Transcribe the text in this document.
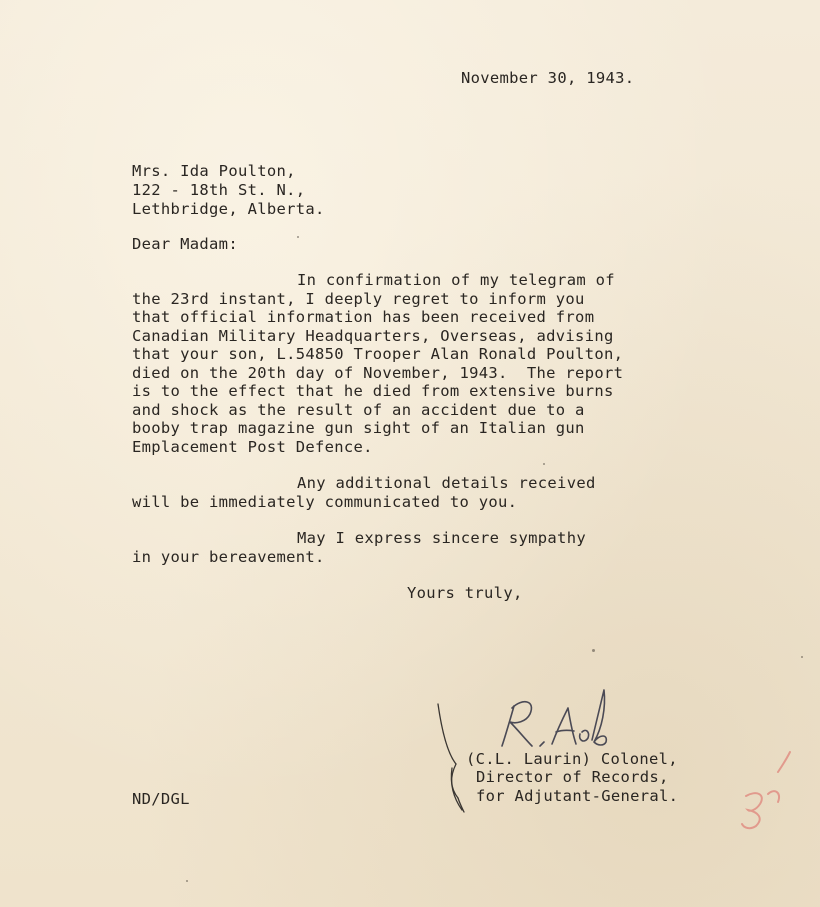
November 30, 1943.
Mrs. Ida Poulton,
122 - 18th St. N.,
Lethbridge, Alberta.
Dear Madam:
In confirmation of my telegram of
the 23rd instant, I deeply regret to inform you
that official information has been received from
Canadian Military Headquarters, Overseas, advising
that your son, L.54850 Trooper Alan Ronald Poulton,
died on the 20th day of November, 1943.  The report
is to the effect that he died from extensive burns
and shock as the result of an accident due to a
booby trap magazine gun sight of an Italian gun
Emplacement Post Defence.
Any additional details received
will be immediately communicated to you.
May I express sincere sympathy
in your bereavement.
Yours truly,
(C.L. Laurin) Colonel,
Director of Records,
for Adjutant-General.
ND/DGL
